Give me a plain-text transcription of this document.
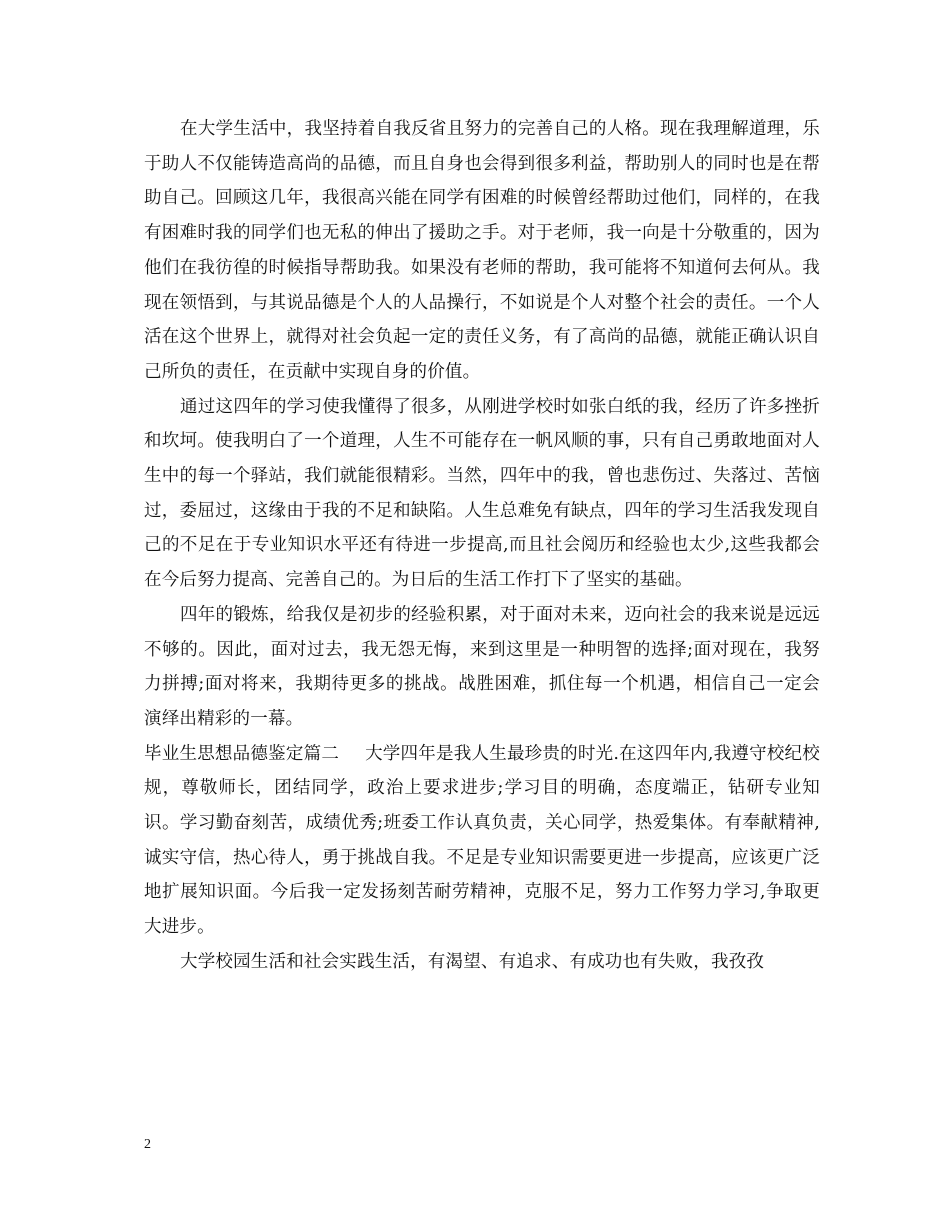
在大学生活中，我坚持着自我反省且努力的完善自己的人格。现在我理解道理，乐于助人不仅能铸造高尚的品德，而且自身也会得到很多利益，帮助别人的同时也是在帮助自己。回顾这几年，我很高兴能在同学有困难的时候曾经帮助过他们，同样的，在我有困难时我的同学们也无私的伸出了援助之手。对于老师，我一向是十分敬重的，因为他们在我彷徨的时候指导帮助我。如果没有老师的帮助，我可能将不知道何去何从。我现在领悟到，与其说品德是个人的人品操行，不如说是个人对整个社会的责任。一个人活在这个世界上，就得对社会负起一定的责任义务，有了高尚的品德，就能正确认识自己所负的责任，在贡献中实现自身的价值。

通过这四年的学习使我懂得了很多，从刚进学校时如张白纸的我，经历了许多挫折和坎坷。使我明白了一个道理，人生不可能存在一帆风顺的事，只有自己勇敢地面对人生中的每一个驿站，我们就能很精彩。当然，四年中的我，曾也悲伤过、失落过、苦恼过，委屈过，这缘由于我的不足和缺陷。人生总难免有缺点，四年的学习生活我发现自己的不足在于专业知识水平还有待进一步提高,而且社会阅历和经验也太少,这些我都会在今后努力提高、完善自己的。为日后的生活工作打下了坚实的基础。

四年的锻炼，给我仅是初步的经验积累，对于面对未来，迈向社会的我来说是远远不够的。因此，面对过去，我无怨无悔，来到这里是一种明智的选择;面对现在，我努力拼搏;面对将来，我期待更多的挑战。战胜困难，抓住每一个机遇，相信自己一定会演绎出精彩的一幕。

毕业生思想品德鉴定篇二 大学四年是我人生最珍贵的时光.在这四年内,我遵守校纪校规，尊敬师长，团结同学，政治上要求进步;学习目的明确，态度端正，钻研专业知识。学习勤奋刻苦，成绩优秀;班委工作认真负责，关心同学，热爱集体。有奉献精神, 诚实守信，热心待人，勇于挑战自我。不足是专业知识需要更进一步提高，应该更广泛地扩展知识面。今后我一定发扬刻苦耐劳精神，克服不足，努力工作努力学习,争取更大进步。

大学校园生活和社会实践生活，有渴望、有追求、有成功也有失败，我孜孜

2
